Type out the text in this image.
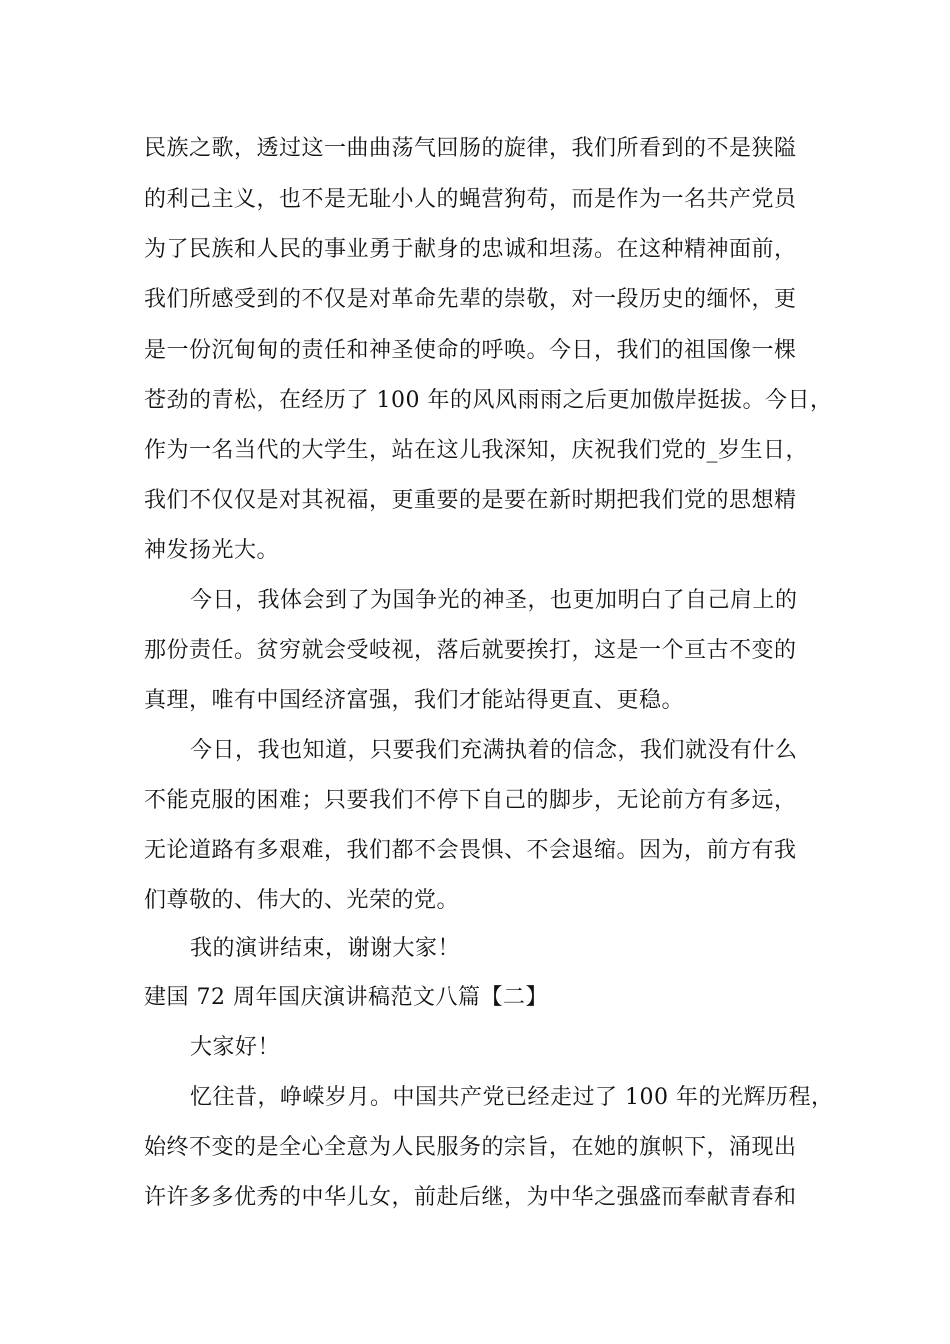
民族之歌，透过这一曲曲荡气回肠的旋律，我们所看到的不是狭隘
的利己主义，也不是无耻小人的蝇营狗苟，而是作为一名共产党员
为了民族和人民的事业勇于献身的忠诚和坦荡。在这种精神面前，
我们所感受到的不仅是对革命先辈的崇敬，对一段历史的缅怀，更
是一份沉甸甸的责任和神圣使命的呼唤。今日，我们的祖国像一棵
苍劲的青松，在经历了 100 年的风风雨雨之后更加傲岸挺拔。今日，
作为一名当代的大学生，站在这儿我深知，庆祝我们党的_岁生日，
我们不仅仅是对其祝福，更重要的是要在新时期把我们党的思想精
神发扬光大。
今日，我体会到了为国争光的神圣，也更加明白了自己肩上的
那份责任。贫穷就会受岐视，落后就要挨打，这是一个亘古不变的
真理，唯有中国经济富强，我们才能站得更直、更稳。
今日，我也知道，只要我们充满执着的信念，我们就没有什么
不能克服的困难；只要我们不停下自己的脚步，无论前方有多远，
无论道路有多艰难，我们都不会畏惧、不会退缩。因为，前方有我
们尊敬的、伟大的、光荣的党。
我的演讲结束，谢谢大家！
建国 72 周年国庆演讲稿范文八篇【二】
大家好！
忆往昔，峥嵘岁月。中国共产党已经走过了 100 年的光辉历程，
始终不变的是全心全意为人民服务的宗旨，在她的旗帜下，涌现出
许许多多优秀的中华儿女，前赴后继，为中华之强盛而奉献青春和
